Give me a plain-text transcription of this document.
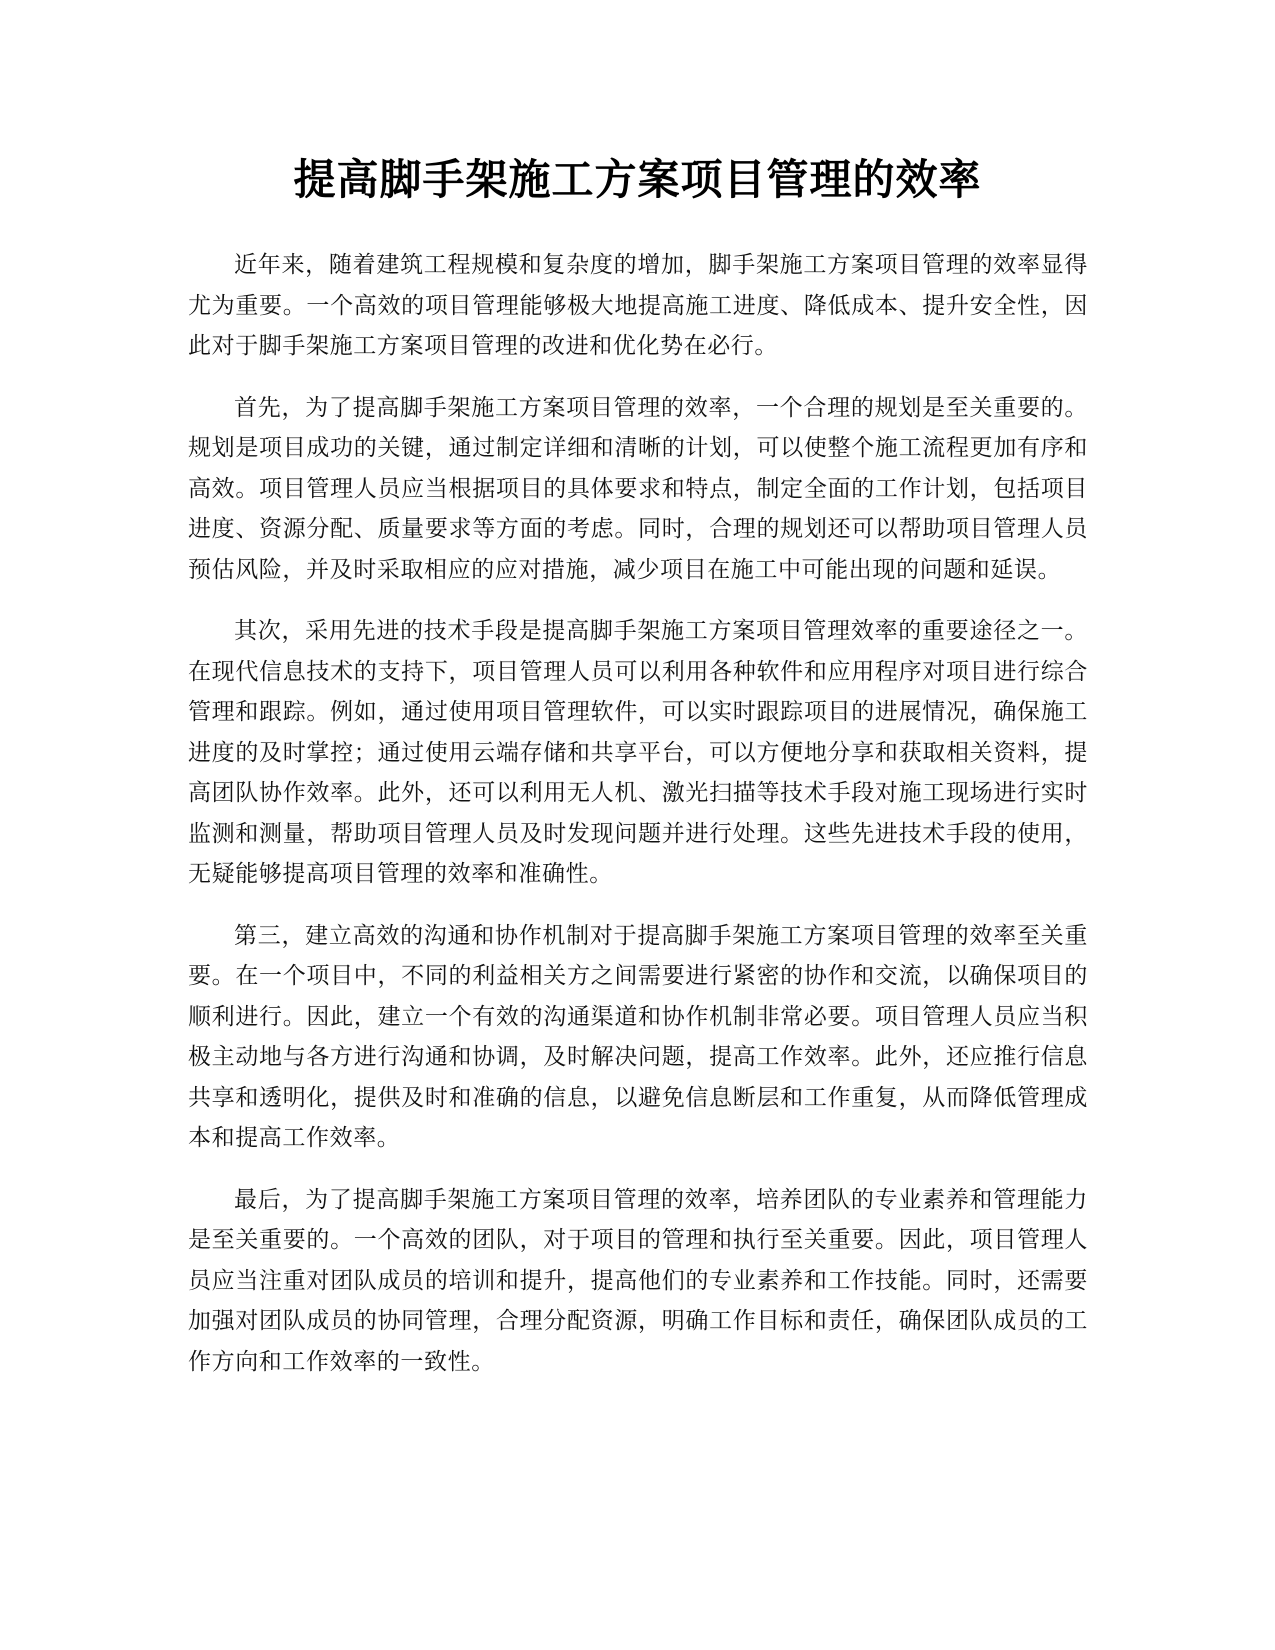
提高脚手架施工方案项目管理的效率

近年来，随着建筑工程规模和复杂度的增加，脚手架施工方案项目管理的效率显得尤为重要。一个高效的项目管理能够极大地提高施工进度、降低成本、提升安全性，因此对于脚手架施工方案项目管理的改进和优化势在必行。

首先，为了提高脚手架施工方案项目管理的效率，一个合理的规划是至关重要的。规划是项目成功的关键，通过制定详细和清晰的计划，可以使整个施工流程更加有序和高效。项目管理人员应当根据项目的具体要求和特点，制定全面的工作计划，包括项目进度、资源分配、质量要求等方面的考虑。同时，合理的规划还可以帮助项目管理人员预估风险，并及时采取相应的应对措施，减少项目在施工中可能出现的问题和延误。

其次，采用先进的技术手段是提高脚手架施工方案项目管理效率的重要途径之一。在现代信息技术的支持下，项目管理人员可以利用各种软件和应用程序对项目进行综合管理和跟踪。例如，通过使用项目管理软件，可以实时跟踪项目的进展情况，确保施工进度的及时掌控；通过使用云端存储和共享平台，可以方便地分享和获取相关资料，提高团队协作效率。此外，还可以利用无人机、激光扫描等技术手段对施工现场进行实时监测和测量，帮助项目管理人员及时发现问题并进行处理。这些先进技术手段的使用，无疑能够提高项目管理的效率和准确性。

第三，建立高效的沟通和协作机制对于提高脚手架施工方案项目管理的效率至关重要。在一个项目中，不同的利益相关方之间需要进行紧密的协作和交流，以确保项目的顺利进行。因此，建立一个有效的沟通渠道和协作机制非常必要。项目管理人员应当积极主动地与各方进行沟通和协调，及时解决问题，提高工作效率。此外，还应推行信息共享和透明化，提供及时和准确的信息，以避免信息断层和工作重复，从而降低管理成本和提高工作效率。

最后，为了提高脚手架施工方案项目管理的效率，培养团队的专业素养和管理能力是至关重要的。一个高效的团队，对于项目的管理和执行至关重要。因此，项目管理人员应当注重对团队成员的培训和提升，提高他们的专业素养和工作技能。同时，还需要加强对团队成员的协同管理，合理分配资源，明确工作目标和责任，确保团队成员的工作方向和工作效率的一致性。
